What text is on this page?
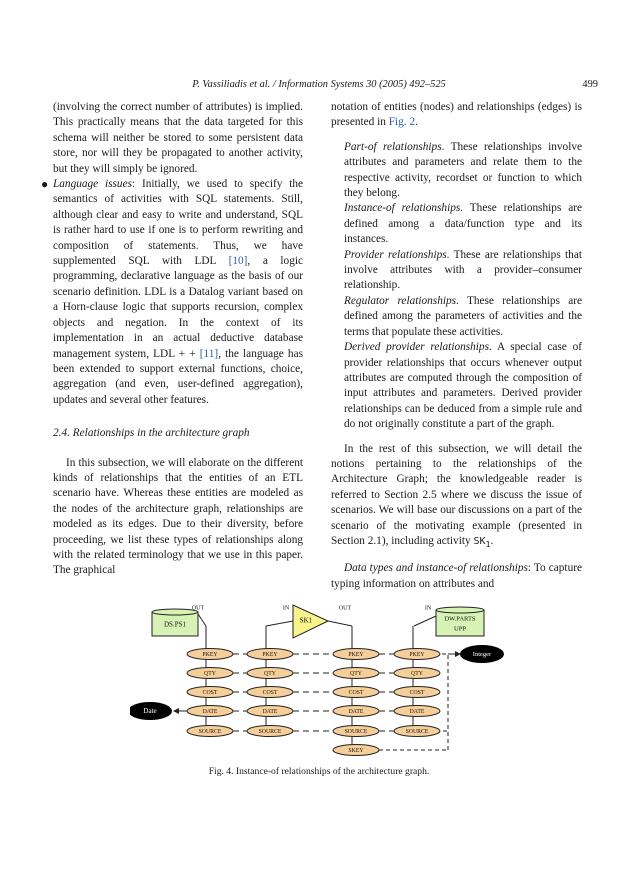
P. Vassiliadis et al. / Information Systems 30 (2005) 492–525	499

(involving the correct number of attributes) is implied. This practically means that the data targeted for this schema will neither be stored to some persistent data store, nor will they be propagated to another activity, but they will simply be ignored.

● Language issues: Initially, we used to specify the semantics of activities with SQL statements. Still, although clear and easy to write and understand, SQL is rather hard to use if one is to perform rewriting and composition of statements. Thus, we have supplemented SQL with LDL [10], a logic programming, declarative language as the basis of our scenario definition. LDL is a Datalog variant based on a Horn-clause logic that supports recursion, complex objects and negation. In the context of its implementation in an actual deductive database management system, LDL + + [11], the language has been extended to support external functions, choice, aggregation (and even, user-defined aggregation), updates and several other features.

2.4. Relationships in the architecture graph

In this subsection, we will elaborate on the different kinds of relationships that the entities of an ETL scenario have. Whereas these entities are modeled as the nodes of the architecture graph, relationships are modeled as its edges. Due to their diversity, before proceeding, we list these types of relationships along with the related terminology that we use in this paper. The graphical

notation of entities (nodes) and relationships (edges) is presented in Fig. 2.

Part-of relationships. These relationships involve attributes and parameters and relate them to the respective activity, recordset or function to which they belong.

Instance-of relationships. These relationships are defined among a data/function type and its instances.

Provider relationships. These are relationships that involve attributes with a provider–consumer relationship.

Regulator relationships. These relationships are defined among the parameters of activities and the terms that populate these activities.

Derived provider relationships. A special case of provider relationships that occurs whenever output attributes are computed through the composition of input attributes and parameters. Derived provider relationships can be deduced from a simple rule and do not originally constitute a part of the graph.

In the rest of this subsection, we will detail the notions pertaining to the relationships of the Architecture Graph; the knowledgeable reader is referred to Section 2.5 where we discuss the issue of scenarios. We will base our discussions on a part of the scenario of the motivating example (presented in Section 2.1), including activity $SK_1$.

Data types and instance-of relationships: To capture typing information on attributes and

DS.PS1
OUT
SK1
IN	OUT
DW.PARTS
UPP
IN
PKEY
QTY
COST
DATE
SOURCE
PKEY
QTY
COST
DATE
SOURCE
PKEY
QTY
COST
DATE
SOURCE
PKEY
QTY
COST
DATE
SOURCE
SKEY
Integer
Date
Fig. 4. Instance-of relationships of the architecture graph.
